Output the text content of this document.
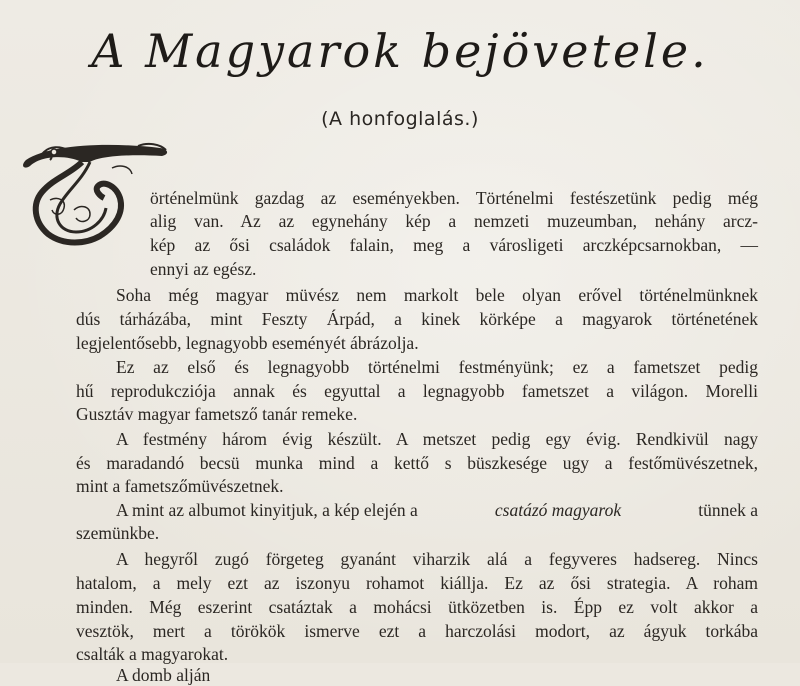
A Magyarok bejövetele.
(A honfoglalás.)
örténelmünk gazdag az eseményekben. Történelmi festészetünk pedig még
alig van. Az az egynehány kép a nemzeti muzeumban, nehány arcz-
kép az ősi családok falain, meg a városligeti arczképcsarnokban, —
ennyi az egész.
Soha még magyar müvész nem markolt bele olyan erővel történelmünknek
dús tárházába, mint Feszty Árpád, a kinek körképe a magyarok történetének
legjelentősebb, legnagyobb eseményét ábrázolja.
Ez az első és legnagyobb történelmi festményünk; ez a fametszet pedig
hű reprodukcziója annak és egyuttal a legnagyobb fametszet a világon. Morelli
Gusztáv magyar fametsző tanár remeke.
A festmény három évig készült. A metszet pedig egy évig. Rendkivül nagy
és maradandó becsü munka mind a kettő s büszkesége ugy a festőmüvészetnek,
mint a fametszőmüvészetnek.
A mint az albumot kinyitjuk, a kép elején a	csatázó magyarok	tünnek a
szemünkbe.
A hegyről zugó förgeteg gyanánt viharzik alá a fegyveres hadsereg. Nincs
hatalom, a mely ezt az iszonyu rohamot kiállja. Ez az ősi strategia. A roham
minden. Még eszerint csatáztak a mohácsi ütközetben is. Épp ez volt akkor a
vesztök, mert a törökök ismerve ezt a harczolási modort, az ágyuk torkába
csalták a magyarokat.
A domb alján
